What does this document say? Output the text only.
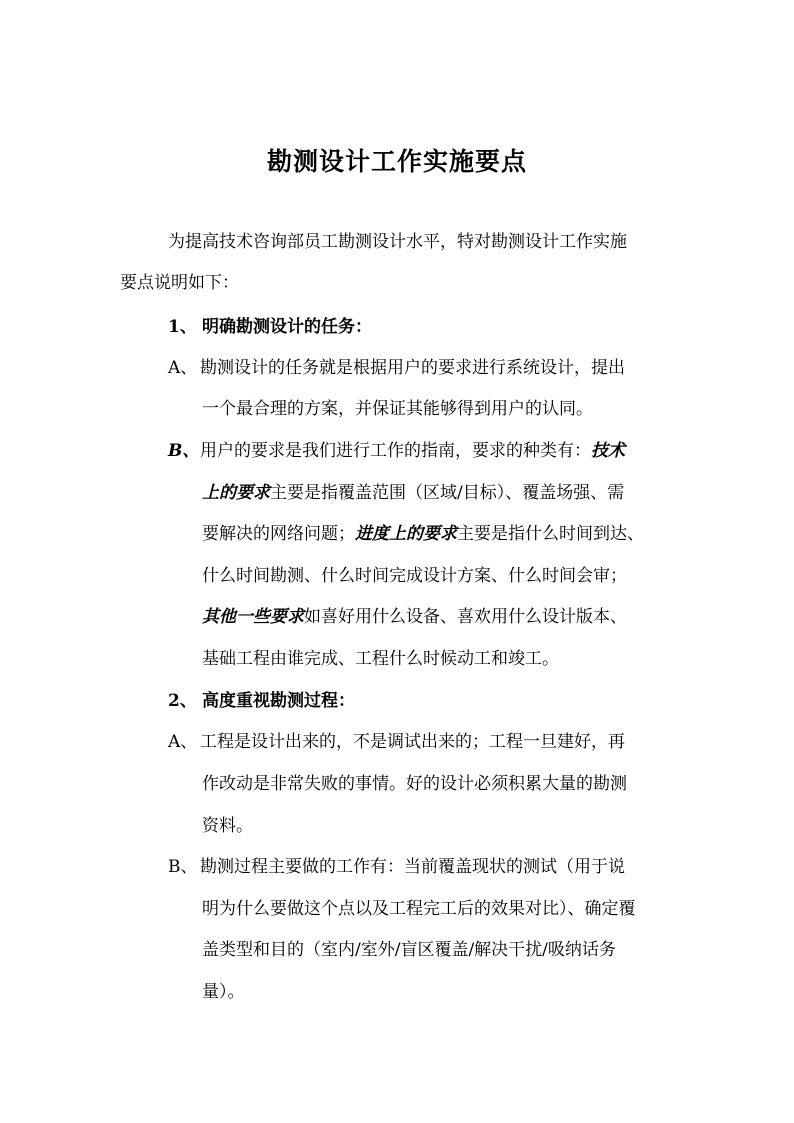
勘测设计工作实施要点
为提高技术咨询部员工勘测设计水平，特对勘测设计工作实施
要点说明如下：
1、 明确勘测设计的任务：
A、 勘测设计的任务就是根据用户的要求进行系统设计，提出
一个最合理的方案，并保证其能够得到用户的认同。
B、用户的要求是我们进行工作的指南，要求的种类有：技术
上的要求主要是指覆盖范围（区域/目标）、覆盖场强、需
要解决的网络问题；进度上的要求主要是指什么时间到达、
什么时间勘测、什么时间完成设计方案、什么时间会审；
其他一些要求如喜好用什么设备、喜欢用什么设计版本、
基础工程由谁完成、工程什么时候动工和竣工。
2、 高度重视勘测过程：
A、 工程是设计出来的，不是调试出来的；工程一旦建好，再
作改动是非常失败的事情。好的设计必须积累大量的勘测
资料。
B、 勘测过程主要做的工作有：当前覆盖现状的测试（用于说
明为什么要做这个点以及工程完工后的效果对比）、确定覆
盖类型和目的（室内/室外/盲区覆盖/解决干扰/吸纳话务
量）。
